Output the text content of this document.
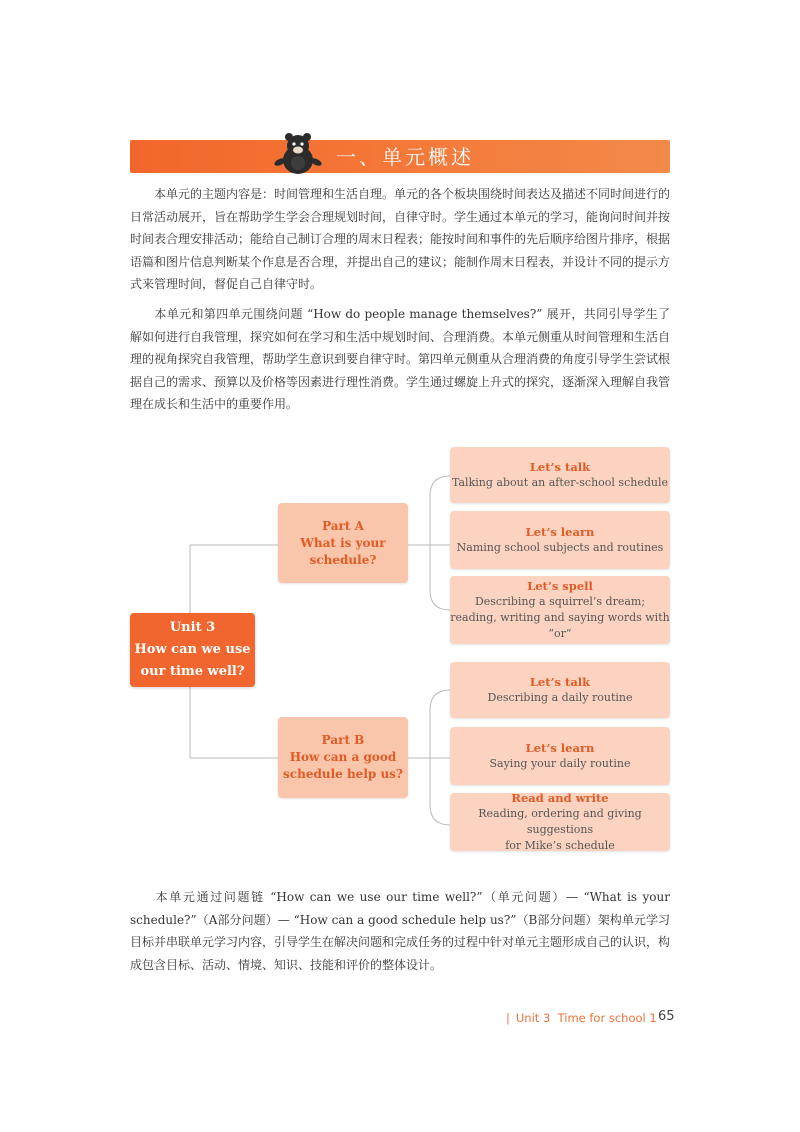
一、单元概述

本单元的主题内容是：时间管理和生活自理。单元的各个板块围绕时间表达及描述不同时间进行的日常活动展开，旨在帮助学生学会合理规划时间，自律守时。学生通过本单元的学习，能询问时间并按时间表合理安排活动；能给自己制订合理的周末日程表；能按时间和事件的先后顺序给图片排序，根据语篇和图片信息判断某个作息是否合理，并提出自己的建议；能制作周末日程表，并设计不同的提示方式来管理时间，督促自己自律守时。

本单元和第四单元围绕问题 “How do people manage themselves?” 展开，共同引导学生了解如何进行自我管理，探究如何在学习和生活中规划时间、合理消费。本单元侧重从时间管理和生活自理的视角探究自我管理，帮助学生意识到要自律守时。第四单元侧重从合理消费的角度引导学生尝试根据自己的需求、预算以及价格等因素进行理性消费。学生通过螺旋上升式的探究，逐渐深入理解自我管理在成长和生活中的重要作用。

Unit 3
How can we use
our time well?
Part A
What is your schedule?
Let’s talk
Talking about an after-school schedule
Let’s learn
Naming school subjects and routines
Let’s spell
Describing a squirrel’s dream;
reading, writing and saying words with
“or”
Part B
How can a good
schedule help us?
Let’s talk
Describing a daily routine
Let’s learn
Saying your daily routine
Read and write
Reading, ordering and giving suggestions
for Mike’s schedule

本单元通过问题链 “How can we use our time well?”（单元问题）— “What is your schedule?”（A部分问题）— “How can a good schedule help us?”（B部分问题）架构单元学习目标并串联单元学习内容，引导学生在解决问题和完成任务的过程中针对单元主题形成自己的认识，构成包含目标、活动、情境、知识、技能和评价的整体设计。

| Unit 3 Time for school 1 65
